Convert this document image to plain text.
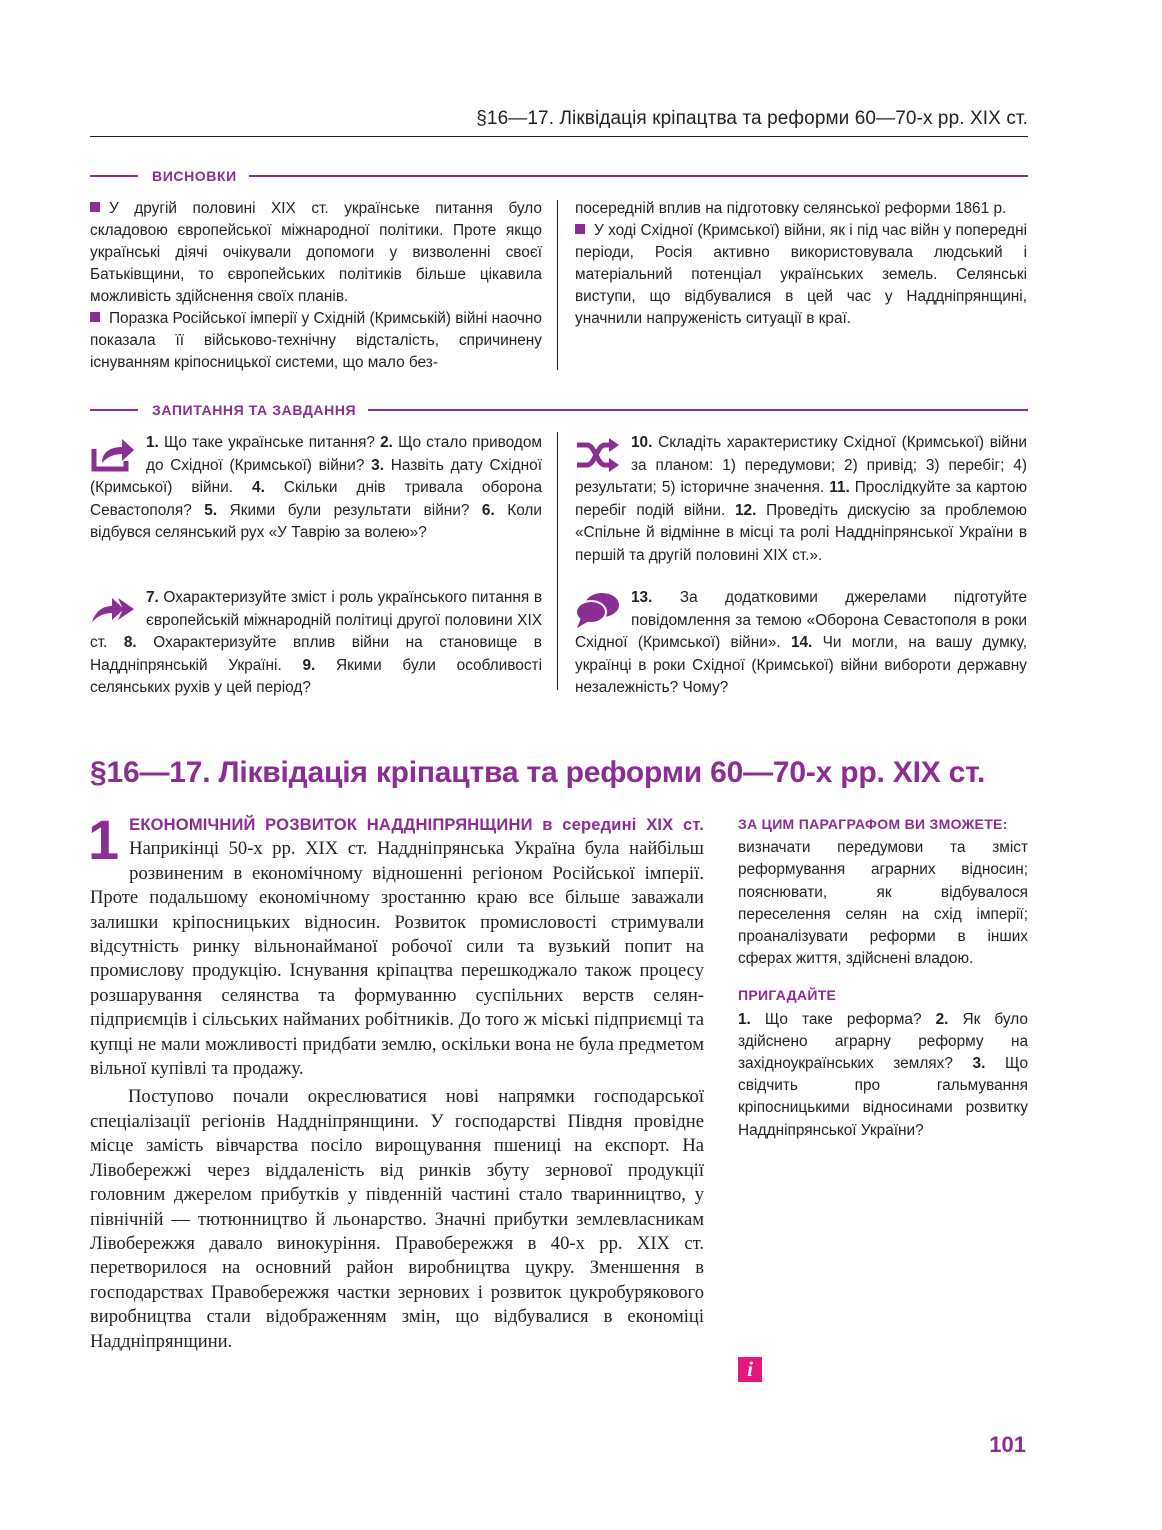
§16—17. Ліквідація кріпацтва та реформи 60—70-х рр. XIX ст.
ВИСНОВКИ

У другій половині XIX ст. українське питання було складовою європейської міжнародної політики. Проте якщо українські діячі очікували допомоги у визволенні своєї Батьківщини, то європейських політиків більше цікавила можливість здійснення своїх планів.

Поразка Російської імперії у Східній (Кримській) війні наочно показала її військово-технічну відсталість, спричинену існуванням кріпосницької системи, що мало без-

посередній вплив на підготовку селянської реформи 1861 р.

У ході Східної (Кримської) війни, як і під час війн у попередні періоди, Росія активно використовувала людський і матеріальний потенціал українських земель. Селянські виступи, що відбувалися в цей час у Наддніпрянщині, уначнили напруженість ситуації в краї.

ЗАПИТАННЯ ТА ЗАВДАННЯ
1. Що таке українське питання? 2. Що стало приводом до Східної (Кримської) війни? 3. Назвіть дату Східної (Кримської) війни. 4. Скільки днів тривала оборона Севастополя? 5. Якими були результати війни? 6. Коли відбувся селянський рух «У Таврію за волею»?
7. Охарактеризуйте зміст і роль українського питання в європейській міжнародній політиці другої половини XIX ст. 8. Охарактеризуйте вплив війни на становище в Наддніпрянській Україні. 9. Якими були особливості селянських рухів у цей період?
10. Складіть характеристику Східної (Кримської) війни за планом: 1) передумови; 2) привід; 3) перебіг; 4) результати; 5) історичне значення. 11. Прослідкуйте за картою перебіг подій війни. 12. Проведіть дискусію за проблемою «Спільне й відмінне в місці та ролі Наддніпрянської України в першій та другій половині XIX ст.».
13. За додатковими джерелами підготуйте повідомлення за темою «Оборона Севастополя в роки Східної (Кримської) війни». 14. Чи могли, на вашу думку, українці в роки Східної (Кримської) війни вибороти державну незалежність? Чому?
§16—17. Ліквідація кріпацтва та реформи 60—70-х рр. XIX ст.

1 ЕКОНОМІЧНИЙ РОЗВИТОК НАДДНІПРЯНЩИНИ в середині XIX ст. Наприкінці 50-х рр. XIX ст. Наддніпрянська Україна була найбільш розвиненим в економічному відношенні регіоном Російської імперії. Проте подальшому економічному зростанню краю все більше заважали залишки кріпосницьких відносин. Розвиток промисловості стримували відсутність ринку вільнонайманої робочої сили та вузький попит на промислову продукцію. Існування кріпацтва перешкоджало також процесу розшарування селянства та формуванню суспільних верств селян-підприємців і сільських найманих робітників. До того ж міські підприємці та купці не мали можливості придбати землю, оскільки вона не була предметом вільної купівлі та продажу.

Поступово почали окреслюватися нові напрямки господарської спеціалізації регіонів Наддніпрянщини. У господарстві Півдня провідне місце замість вівчарства посіло вирощування пшениці на експорт. На Лівобережжі через віддаленість від ринків збуту зернової продукції головним джерелом прибутків у південній частині стало тваринництво, у північній — тютюнництво й льонарство. Значні прибутки землевласникам Лівобережжя давало винокуріння. Правобережжя в 40-х рр. XIX ст. перетворилося на основний район виробництва цукру. Зменшення в господарствах Правобережжя частки зернових і розвиток цукробурякового виробництва стали відображенням змін, що відбувалися в економіці Наддніпрянщини.

ЗА ЦИМ ПАРАГРАФОМ ВИ ЗМОЖЕТЕ:

визначати передумови та зміст реформування аграрних відносин; пояснювати, як відбувалося переселення селян на схід імперії; проаналізувати реформи в інших сферах життя, здійснені владою.

ПРИГАДАЙТЕ

1. Що таке реформа? 2. Як було здійснено аграрну реформу на західноукраїнських землях? 3. Що свідчить про гальмування кріпосницькими відносинами розвитку Наддніпрянської України?

i
101
